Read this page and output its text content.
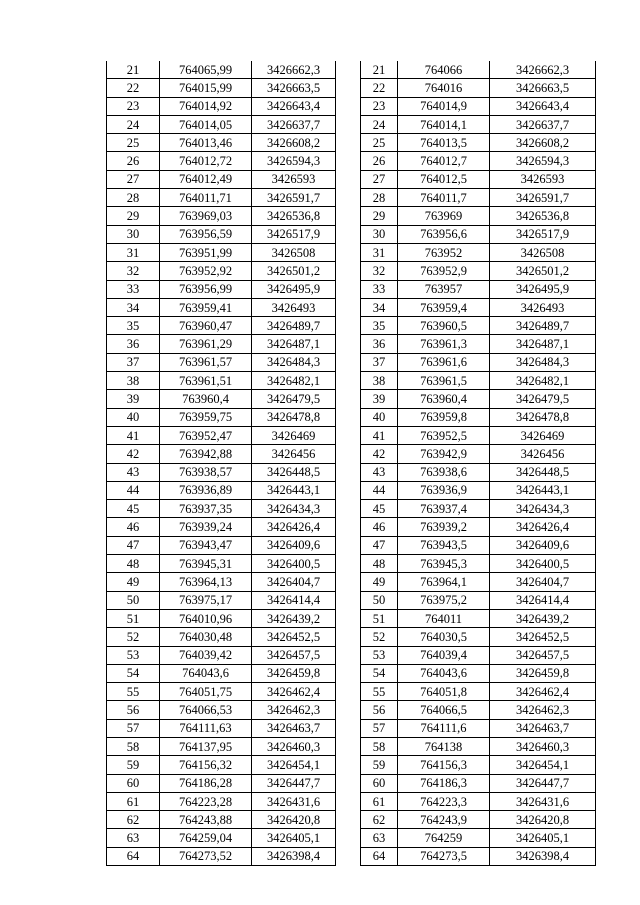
21	764065,99	3426662,3
22	764015,99	3426663,5
23	764014,92	3426643,4
24	764014,05	3426637,7
25	764013,46	3426608,2
26	764012,72	3426594,3
27	764012,49	3426593
28	764011,71	3426591,7
29	763969,03	3426536,8
30	763956,59	3426517,9
31	763951,99	3426508
32	763952,92	3426501,2
33	763956,99	3426495,9
34	763959,41	3426493
35	763960,47	3426489,7
36	763961,29	3426487,1
37	763961,57	3426484,3
38	763961,51	3426482,1
39	763960,4	3426479,5
40	763959,75	3426478,8
41	763952,47	3426469
42	763942,88	3426456
43	763938,57	3426448,5
44	763936,89	3426443,1
45	763937,35	3426434,3
46	763939,24	3426426,4
47	763943,47	3426409,6
48	763945,31	3426400,5
49	763964,13	3426404,7
50	763975,17	3426414,4
51	764010,96	3426439,2
52	764030,48	3426452,5
53	764039,42	3426457,5
54	764043,6	3426459,8
55	764051,75	3426462,4
56	764066,53	3426462,3
57	764111,63	3426463,7
58	764137,95	3426460,3
59	764156,32	3426454,1
60	764186,28	3426447,7
61	764223,28	3426431,6
62	764243,88	3426420,8
63	764259,04	3426405,1
64	764273,52	3426398,4
21	764066	3426662,3
22	764016	3426663,5
23	764014,9	3426643,4
24	764014,1	3426637,7
25	764013,5	3426608,2
26	764012,7	3426594,3
27	764012,5	3426593
28	764011,7	3426591,7
29	763969	3426536,8
30	763956,6	3426517,9
31	763952	3426508
32	763952,9	3426501,2
33	763957	3426495,9
34	763959,4	3426493
35	763960,5	3426489,7
36	763961,3	3426487,1
37	763961,6	3426484,3
38	763961,5	3426482,1
39	763960,4	3426479,5
40	763959,8	3426478,8
41	763952,5	3426469
42	763942,9	3426456
43	763938,6	3426448,5
44	763936,9	3426443,1
45	763937,4	3426434,3
46	763939,2	3426426,4
47	763943,5	3426409,6
48	763945,3	3426400,5
49	763964,1	3426404,7
50	763975,2	3426414,4
51	764011	3426439,2
52	764030,5	3426452,5
53	764039,4	3426457,5
54	764043,6	3426459,8
55	764051,8	3426462,4
56	764066,5	3426462,3
57	764111,6	3426463,7
58	764138	3426460,3
59	764156,3	3426454,1
60	764186,3	3426447,7
61	764223,3	3426431,6
62	764243,9	3426420,8
63	764259	3426405,1
64	764273,5	3426398,4
